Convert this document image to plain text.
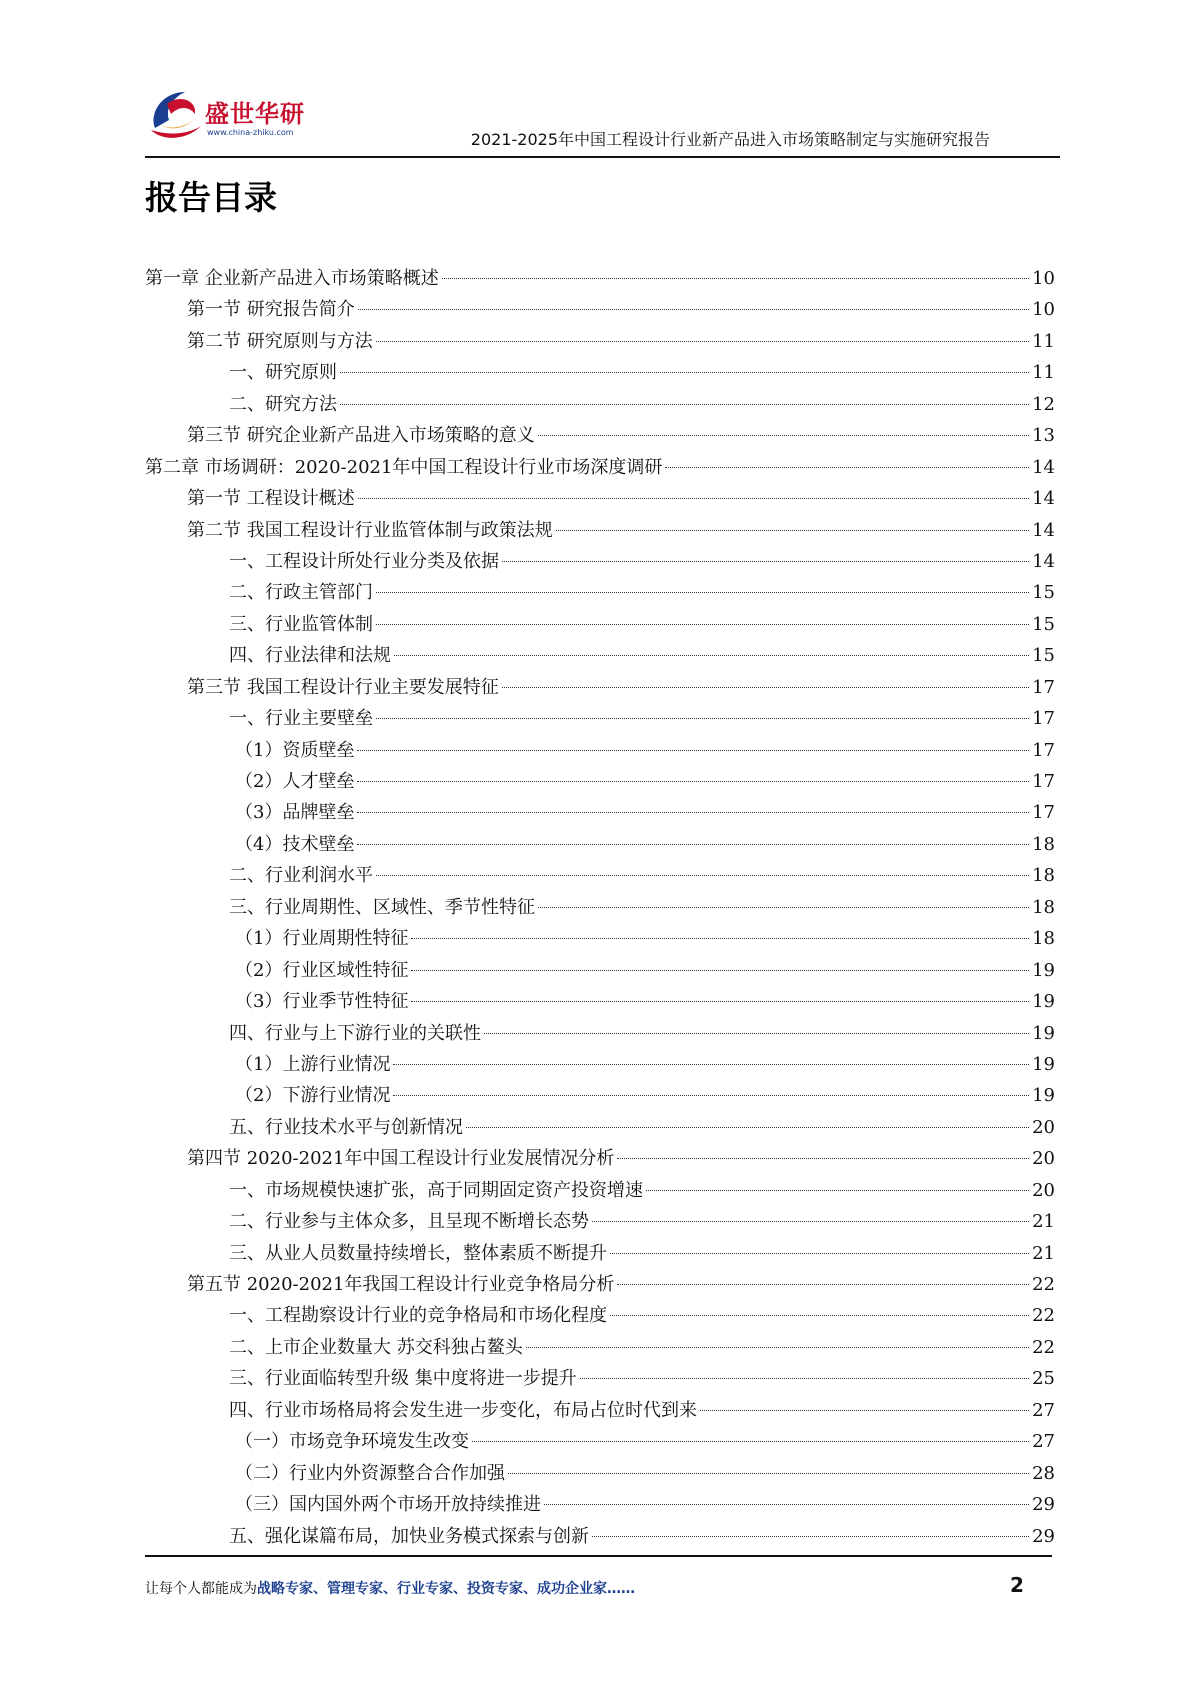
盛世华研
www.china-zhiku.com	2021-2025年中国工程设计行业新产品进入市场策略制定与实施研究报告
报告目录
第一章 企业新产品进入市场策略概述	10
第一节 研究报告简介	10
第二节 研究原则与方法	11
一、研究原则	11
二、研究方法	12
第三节 研究企业新产品进入市场策略的意义	13
第二章 市场调研：2020-2021年中国工程设计行业市场深度调研	14
第一节 工程设计概述	14
第二节 我国工程设计行业监管体制与政策法规	14
一、工程设计所处行业分类及依据	14
二、行政主管部门	15
三、行业监管体制	15
四、行业法律和法规	15
第三节 我国工程设计行业主要发展特征	17
一、行业主要壁垒	17
（1）资质壁垒	17
（2）人才壁垒	17
（3）品牌壁垒	17
（4）技术壁垒	18
二、行业利润水平	18
三、行业周期性、区域性、季节性特征	18
（1）行业周期性特征	18
（2）行业区域性特征	19
（3）行业季节性特征	19
四、行业与上下游行业的关联性	19
（1）上游行业情况	19
（2）下游行业情况	19
五、行业技术水平与创新情况	20
第四节 2020-2021年中国工程设计行业发展情况分析	20
一、市场规模快速扩张，高于同期固定资产投资增速	20
二、行业参与主体众多，且呈现不断增长态势	21
三、从业人员数量持续增长，整体素质不断提升	21
第五节 2020-2021年我国工程设计行业竞争格局分析	22
一、工程勘察设计行业的竞争格局和市场化程度	22
二、上市企业数量大 苏交科独占鳌头	22
三、行业面临转型升级 集中度将进一步提升	25
四、行业市场格局将会发生进一步变化，布局占位时代到来	27
（一）市场竞争环境发生改变	27
（二）行业内外资源整合合作加强	28
（三）国内国外两个市场开放持续推进	29
五、强化谋篇布局，加快业务模式探索与创新	29
让每个人都能成为战略专家、管理专家、行业专家、投资专家、成功企业家……	2
